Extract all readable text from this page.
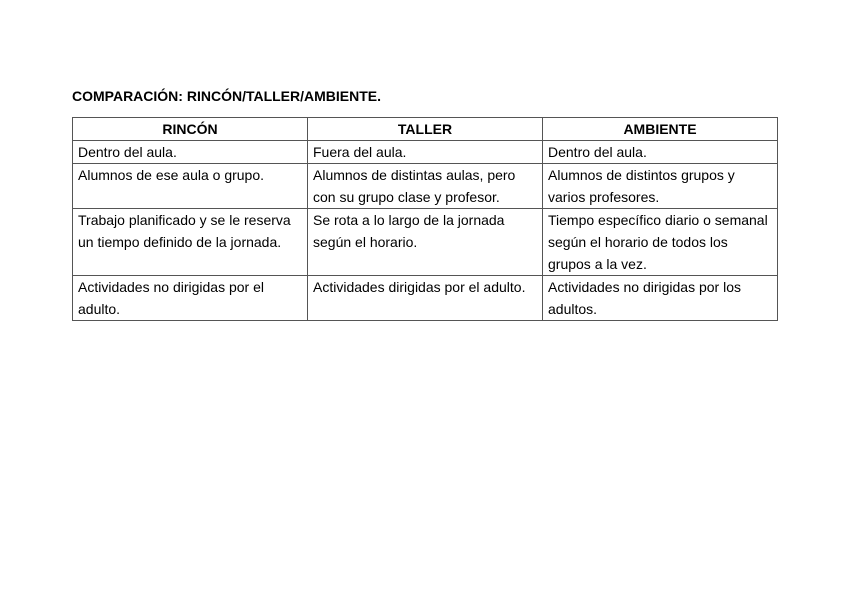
COMPARACIÓN: RINCÓN/TALLER/AMBIENTE.
RINCÓN	TALLER	AMBIENTE
Dentro del aula.	Fuera del aula.	Dentro del aula.
Alumnos de ese aula o grupo.	Alumnos de distintas aulas, pero con su grupo clase y profesor.	Alumnos de distintos grupos y varios profesores.
Trabajo planificado y se le reserva un tiempo definido de la jornada.	Se rota a lo largo de la jornada según el horario.	Tiempo específico diario o semanal según el horario de todos los grupos a la vez.
Actividades no dirigidas por el adulto.	Actividades dirigidas por el adulto.	Actividades no dirigidas por los adultos.
